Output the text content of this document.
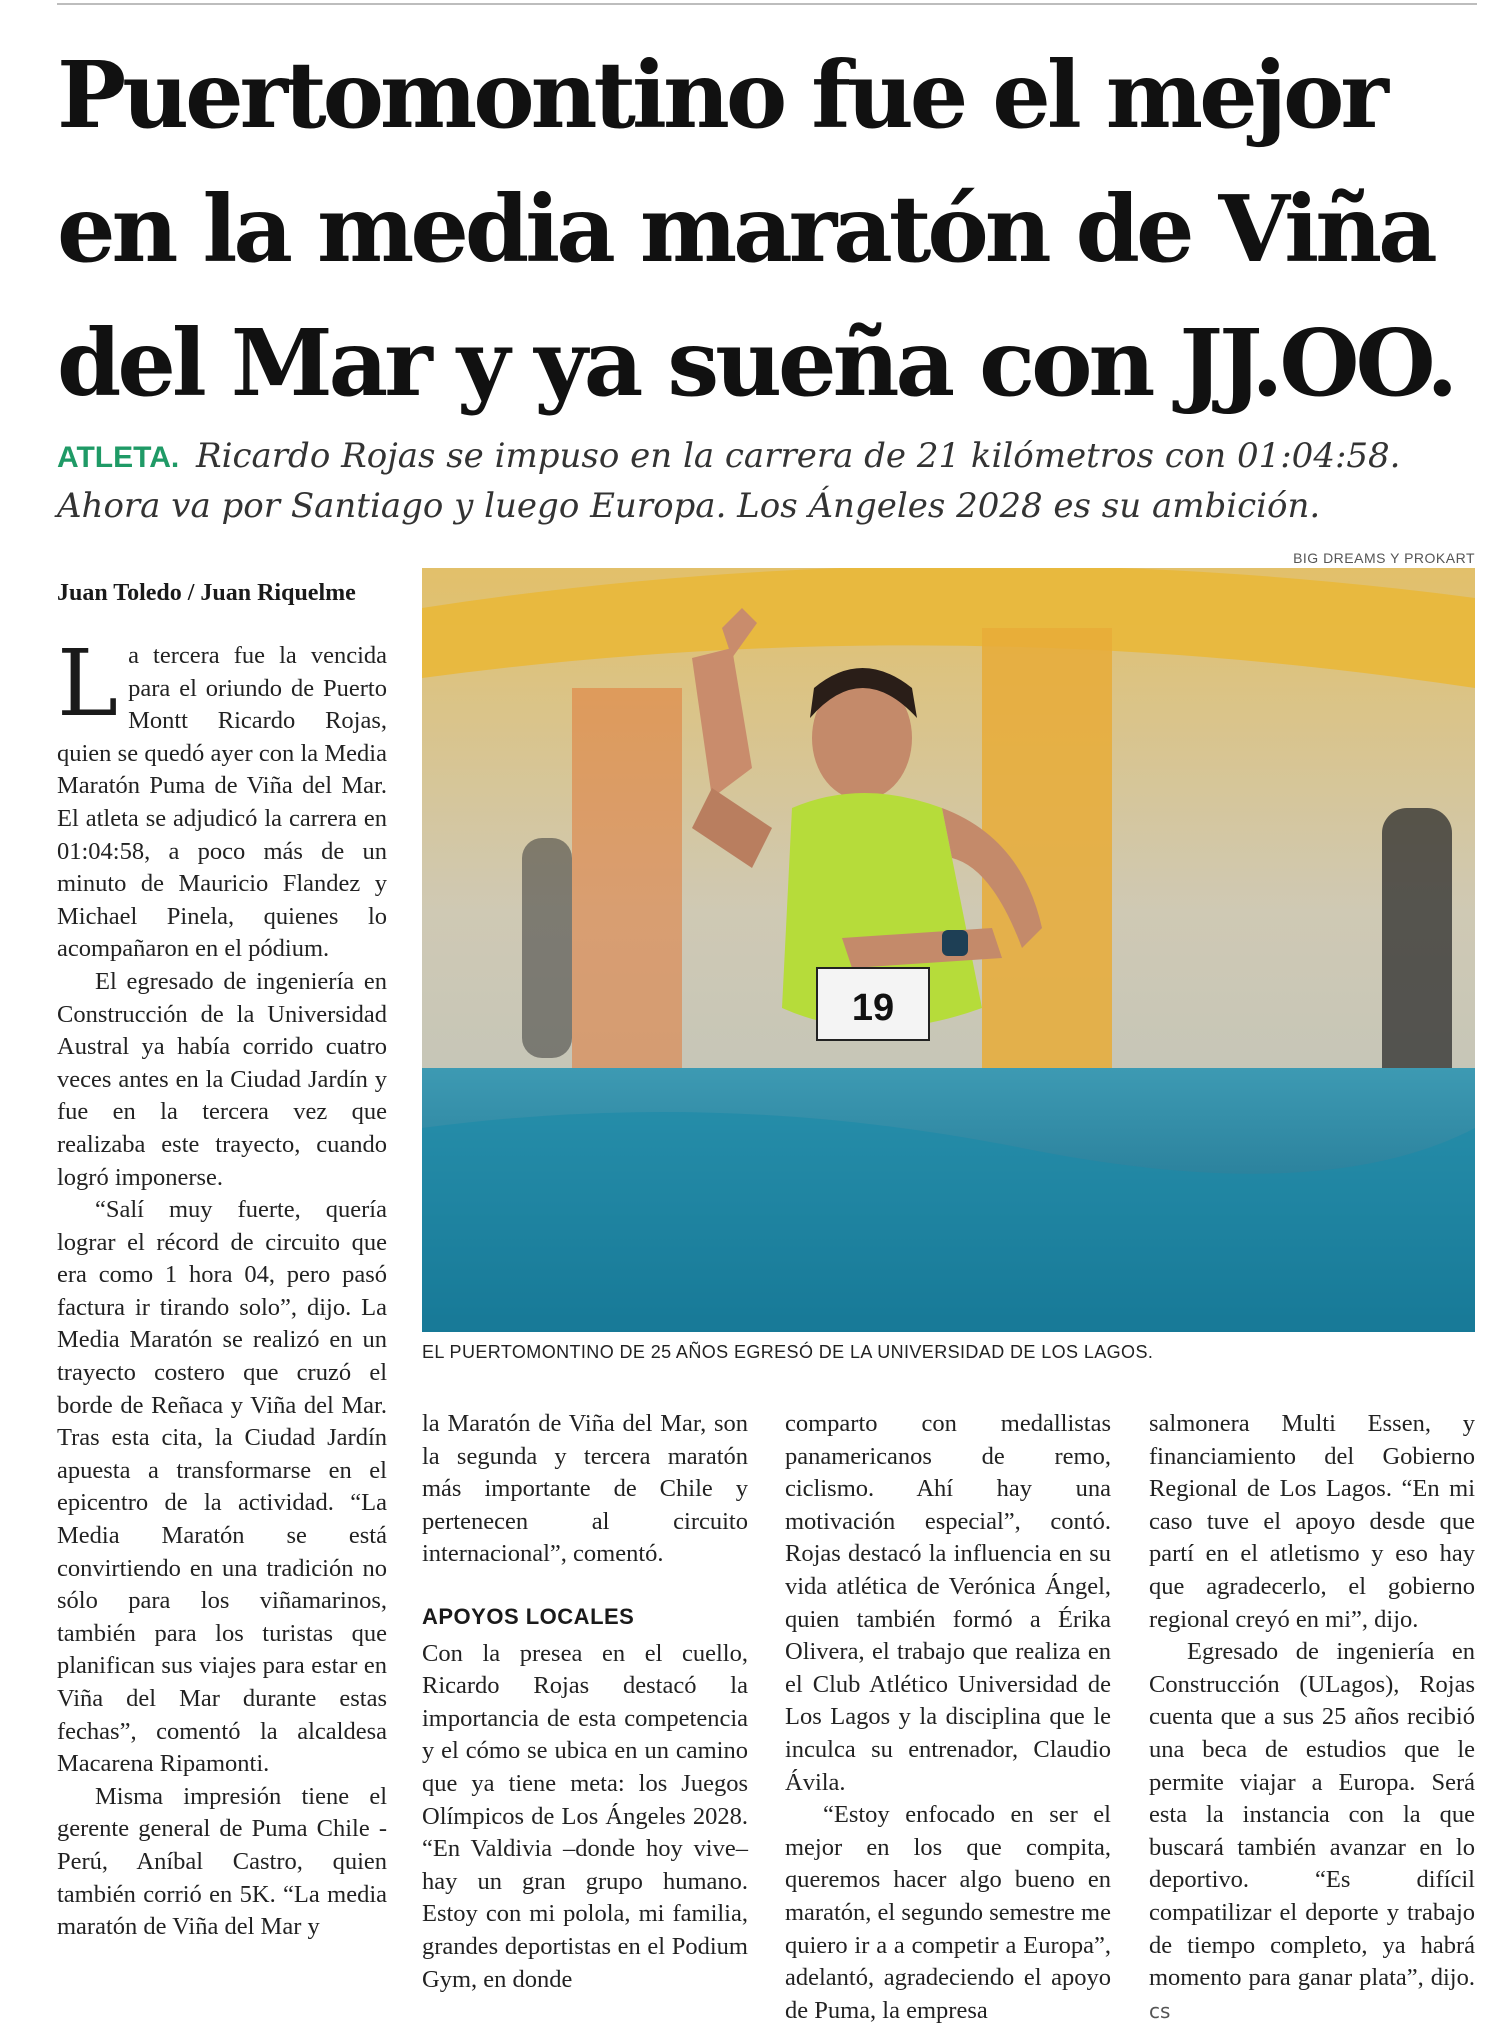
Puertomontino fue el mejor en la media maratón de Viña del Mar y ya sueña con JJ.OO.
ATLETA. Ricardo Rojas se impuso en la carrera de 21 kilómetros con 01:04:58. Ahora va por Santiago y luego Europa. Los Ángeles 2028 es su ambición.
Juan Toledo / Juan Riquelme
BIG DREAMS Y PROKART
19
EL PUERTOMONTINO DE 25 AÑOS EGRESÓ DE LA UNIVERSIDAD DE LOS LAGOS.

La tercera fue la vencida para el oriundo de Puerto Montt Ricardo Rojas, quien se quedó ayer con la Media Maratón Puma de Viña del Mar. El atleta se adjudicó la carrera en 01:04:58, a poco más de un minuto de Mauricio Flandez y Michael Pinela, quienes lo acompañaron en el pódium.

El egresado de ingeniería en Construcción de la Universidad Austral ya había corrido cuatro veces antes en la Ciudad Jardín y fue en la tercera vez que realizaba este trayecto, cuando logró imponerse.

“Salí muy fuerte, quería lograr el récord de circuito que era como 1 hora 04, pero pasó factura ir tirando solo”, dijo. La Media Maratón se realizó en un trayecto costero que cruzó el borde de Reñaca y Viña del Mar. Tras esta cita, la Ciudad Jardín apuesta a transformarse en el epicentro de la actividad. “La Media Maratón se está convirtiendo en una tradición no sólo para los viñamarinos, también para los turistas que planifican sus viajes para estar en Viña del Mar durante estas fechas”, comentó la alcaldesa Macarena Ripamonti.

Misma impresión tiene el gerente general de Puma Chile - Perú, Aníbal Castro, quien también corrió en 5K. “La media maratón de Viña del Mar y

la Maratón de Viña del Mar, son la segunda y tercera maratón más importante de Chile y pertenecen al circuito internacional”, comentó.

APOYOS LOCALES

Con la presea en el cuello, Ricardo Rojas destacó la importancia de esta competencia y el cómo se ubica en un camino que ya tiene meta: los Juegos Olímpicos de Los Ángeles 2028. “En Valdivia –donde hoy vive– hay un gran grupo humano. Estoy con mi polola, mi familia, grandes deportistas en el Podium Gym, en donde

comparto con medallistas panamericanos de remo, ciclismo. Ahí hay una motivación especial”, contó. Rojas destacó la influencia en su vida atlética de Verónica Ángel, quien también formó a Érika Olivera, el trabajo que realiza en el Club Atlético Universidad de Los Lagos y la disciplina que le inculca su entrenador, Claudio Ávila.

“Estoy enfocado en ser el mejor en los que compita, queremos hacer algo bueno en maratón, el segundo semestre me quiero ir a a competir a Europa”, adelantó, agradeciendo el apoyo de Puma, la empresa

salmonera Multi Essen, y financiamiento del Gobierno Regional de Los Lagos. “En mi caso tuve el apoyo desde que partí en el atletismo y eso hay que agradecerlo, el gobierno regional creyó en mi”, dijo.

Egresado de ingeniería en Construcción (ULagos), Rojas cuenta que a sus 25 años recibió una beca de estudios que le permite viajar a Europa. Será esta la instancia con la que buscará también avanzar en lo deportivo. “Es difícil compatilizar el deporte y trabajo de tiempo completo, ya habrá momento para ganar plata”, dijo. cs
